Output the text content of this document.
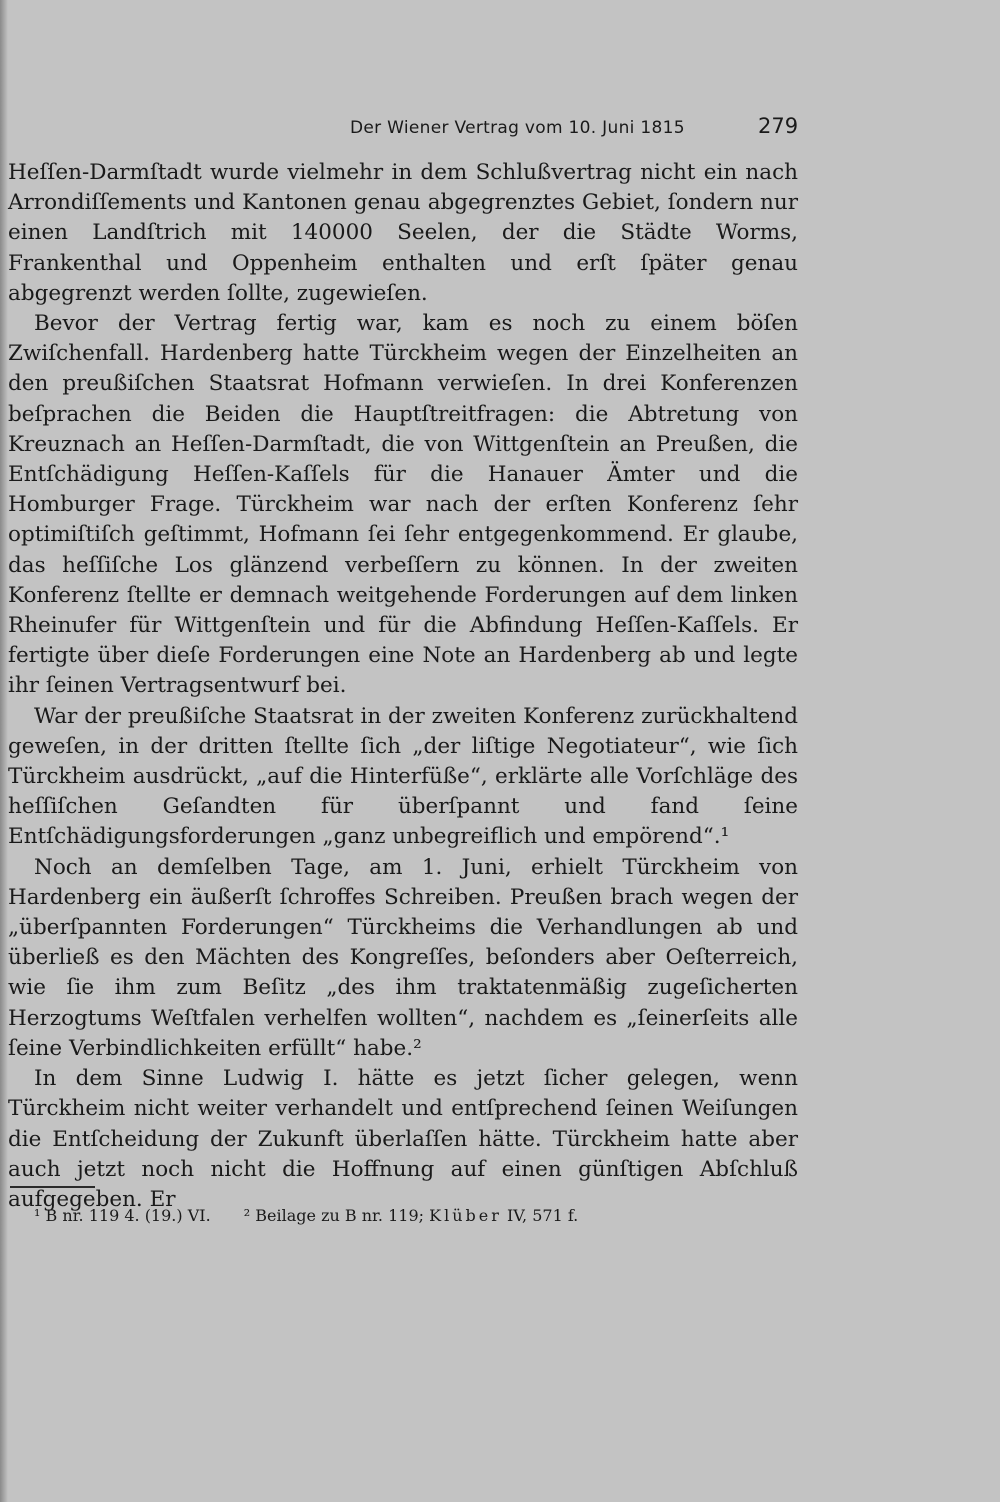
Der Wiener Vertrag vom 10. Juni 1815	279

Heſſen-Darmſtadt wurde vielmehr in dem Schlußvertrag nicht ein nach Arrondiſſements und Kantonen genau abgegrenztes Gebiet, ſondern nur einen Landſtrich mit 140000 Seelen, der die Städte Worms, Frankenthal und Oppenheim enthalten und erſt ſpäter genau abgegrenzt werden ſollte, zugewieſen.

Bevor der Vertrag fertig war, kam es noch zu einem böſen Zwiſchenfall. Hardenberg hatte Türckheim wegen der Einzelheiten an den preußiſchen Staatsrat Hofmann verwieſen. In drei Konferenzen beſprachen die Beiden die Hauptſtreitfragen: die Abtretung von Kreuznach an Heſſen-Darmſtadt, die von Wittgenſtein an Preußen, die Entſchädigung Heſſen-Kaſſels für die Hanauer Ämter und die Homburger Frage. Türckheim war nach der erſten Konferenz ſehr optimiſtiſch geſtimmt, Hofmann ſei ſehr entgegenkommend. Er glaube, das heſſiſche Los glänzend verbeſſern zu können. In der zweiten Konferenz ſtellte er demnach weitgehende Forderungen auf dem linken Rheinufer für Wittgenſtein und für die Abfindung Heſſen-Kaſſels. Er fertigte über dieſe Forderungen eine Note an Hardenberg ab und legte ihr ſeinen Vertragsentwurf bei.

War der preußiſche Staatsrat in der zweiten Konferenz zurückhaltend geweſen, in der dritten ſtellte ſich „der liſtige Negotiateur“, wie ſich Türckheim ausdrückt, „auf die Hinterfüße“, erklärte alle Vorſchläge des heſſiſchen Geſandten für überſpannt und fand ſeine Entſchädigungsforderungen „ganz unbegreiflich und empörend“.¹

Noch an demſelben Tage, am 1. Juni, erhielt Türckheim von Hardenberg ein äußerſt ſchroffes Schreiben. Preußen brach wegen der „überſpannten Forderungen“ Türckheims die Verhandlungen ab und überließ es den Mächten des Kongreſſes, beſonders aber Oeſterreich, wie ſie ihm zum Beſitz „des ihm traktatenmäßig zugeſicherten Herzogtums Weſtfalen verhelfen wollten“, nachdem es „ſeinerſeits alle ſeine Verbindlichkeiten erfüllt“ habe.²

In dem Sinne Ludwig I. hätte es jetzt ſicher gelegen, wenn Türckheim nicht weiter verhandelt und entſprechend ſeinen Weiſungen die Entſcheidung der Zukunft überlaſſen hätte. Türckheim hatte aber auch jetzt noch nicht die Hoffnung auf einen günſtigen Abſchluß aufgegeben. Er

¹ B nr. 119 4. (19.) VI. ² Beilage zu B nr. 119; Klüber IV, 571 f.
